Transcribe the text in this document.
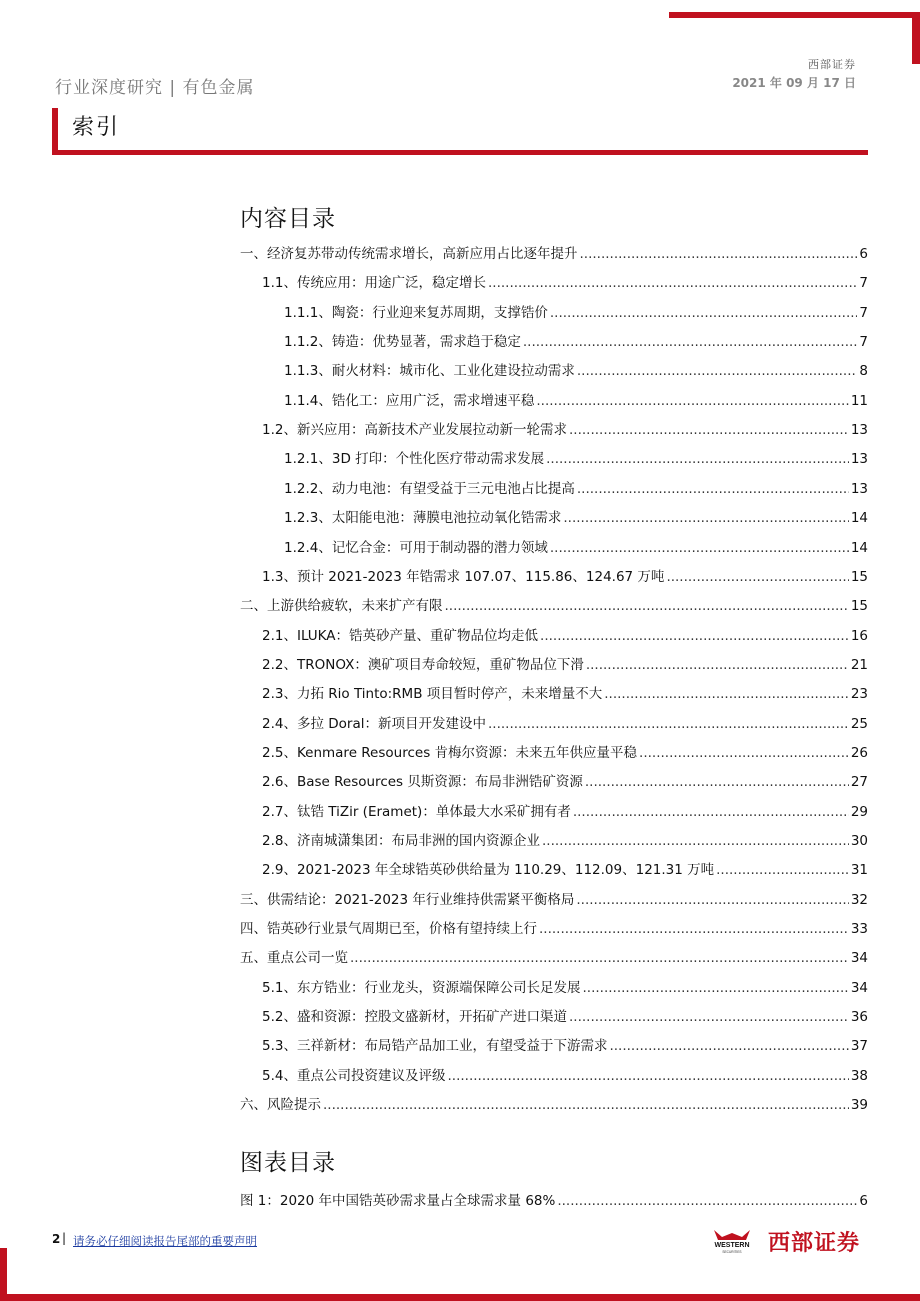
西部证券
2021 年 09 月 17 日
行业深度研究 | 有色金属
索引
内容目录
一、经济复苏带动传统需求增长，高新应用占比逐年提升 .....	6
1.1、传统应用：用途广泛，稳定增长 .....	7
1.1.1、陶瓷：行业迎来复苏周期，支撑锆价 .....	7
1.1.2、铸造：优势显著，需求趋于稳定 .....	7
1.1.3、耐火材料：城市化、工业化建设拉动需求 .....	8
1.1.4、锆化工：应用广泛，需求增速平稳 .....	11
1.2、新兴应用：高新技术产业发展拉动新一轮需求 .....	13
1.2.1、3D 打印：个性化医疗带动需求发展 .....	13
1.2.2、动力电池：有望受益于三元电池占比提高 .....	13
1.2.3、太阳能电池：薄膜电池拉动氧化锆需求 .....	14
1.2.4、记忆合金：可用于制动器的潜力领域 .....	14
1.3、预计 2021-2023 年锆需求 107.07、115.86、124.67 万吨 .....	15
二、上游供给疲软，未来扩产有限 .....	15
2.1、ILUKA：锆英砂产量、重矿物品位均走低 .....	16
2.2、TRONOX：澳矿项目寿命较短，重矿物品位下滑 .....	21
2.3、力拓 Rio Tinto:RMB 项目暂时停产，未来增量不大 .....	23
2.4、多拉 Doral：新项目开发建设中 .....	25
2.5、Kenmare Resources 肯梅尔资源：未来五年供应量平稳 .....	26
2.6、Base Resources 贝斯资源：布局非洲锆矿资源 .....	27
2.7、钛锆 TiZir (Eramet)：单体最大水采矿拥有者 .....	29
2.8、济南城潇集团：布局非洲的国内资源企业 .....	30
2.9、2021-2023 年全球锆英砂供给量为 110.29、112.09、121.31 万吨 .....	31
三、供需结论：2021-2023 年行业维持供需紧平衡格局 .....	32
四、锆英砂行业景气周期已至，价格有望持续上行 .....	33
五、重点公司一览 .....	34
5.1、东方锆业：行业龙头，资源端保障公司长足发展 .....	34
5.2、盛和资源：控股文盛新材，开拓矿产进口渠道 .....	36
5.3、三祥新材：布局锆产品加工业，有望受益于下游需求 .....	37
5.4、重点公司投资建议及评级 .....	38
六、风险提示 .....	39
图表目录
图 1：2020 年中国锆英砂需求量占全球需求量 68% .....	6
2 | 请务必仔细阅读报告尾部的重要声明	WESTERN
SECURITIES 西部证券
